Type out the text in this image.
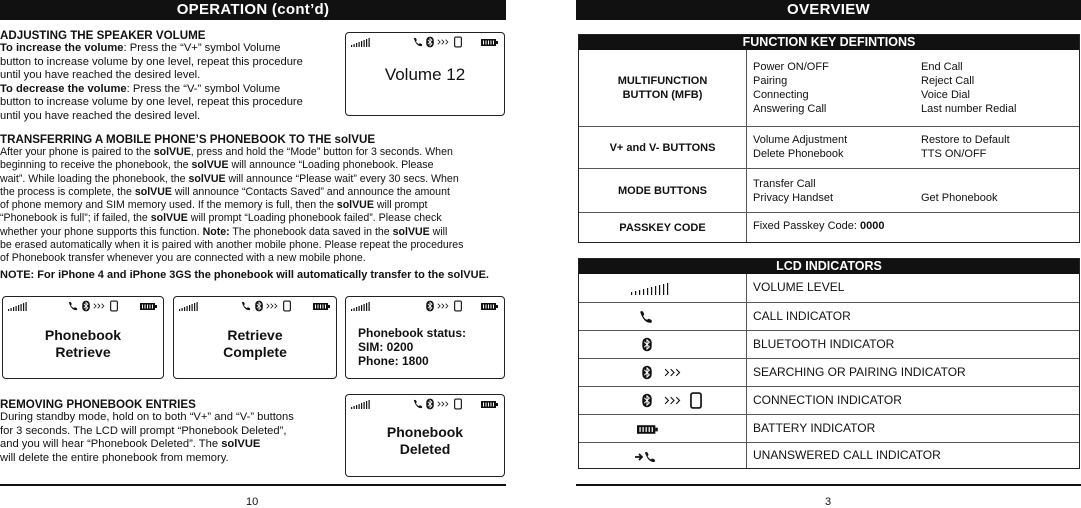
OPERATION (cont’d)
ADJUSTING THE SPEAKER VOLUME
To increase the volume: Press the “V+” symbol Volume
button to increase volume by one level, repeat this procedure
until you have reached the desired level.
To decrease the volume: Press the “V-” symbol Volume
button to increase volume by one level, repeat this procedure
until you have reached the desired level.
Volume 12
TRANSFERRING A MOBILE PHONE’S PHONEBOOK TO THE solVUE
After your phone is paired to the solVUE, press and hold the “Mode” button for 3 seconds. When
beginning to receive the phonebook, the solVUE will announce “Loading phonebook. Please
wait”. While loading the phonebook, the solVUE will announce “Please wait” every 30 secs. When
the process is complete, the solVUE will announce “Contacts Saved” and announce the amount
of phone memory and SIM memory used. If the memory is full, then the solVUE will prompt
“Phonebook is full”; if failed, the solVUE will prompt “Loading phonebook failed”. Please check
whether your phone supports this function. Note: The phonebook data saved in the solVUE will
be erased automatically when it is paired with another mobile phone. Please repeat the procedures
of Phonebook transfer whenever you are connected with a new mobile phone.
NOTE: For iPhone 4 and iPhone 3GS the phonebook will automatically transfer to the solVUE.
Phonebook
Retrieve
Retrieve
Complete
Phonebook status:
SIM: 0200
Phone: 1800
REMOVING PHONEBOOK ENTRIES
During standby mode, hold on to both “V+” and “V-” buttons
for 3 seconds. The LCD will prompt “Phonebook Deleted”,
and you will hear “Phonebook Deleted”. The solVUE
will delete the entire phonebook from memory.
Phonebook
Deleted
10
OVERVIEW
FUNCTION KEY DEFINTIONS
MULTIFUNCTION
BUTTON (MFB)
Power ON/OFF
Pairing
Connecting
Answering Call
End Call
Reject Call
Voice Dial
Last number Redial
V+ and V- BUTTONS
Volume Adjustment
Delete Phonebook
Restore to Default
TTS ON/OFF
MODE BUTTONS
Transfer Call
Privacy Handset	Get Phonebook
PASSKEY CODE	Fixed Passkey Code: 0000
LCD INDICATORS
VOLUME LEVEL
CALL INDICATOR
BLUETOOTH INDICATOR
SEARCHING OR PAIRING INDICATOR
CONNECTION INDICATOR
BATTERY INDICATOR
UNANSWERED CALL INDICATOR
3
